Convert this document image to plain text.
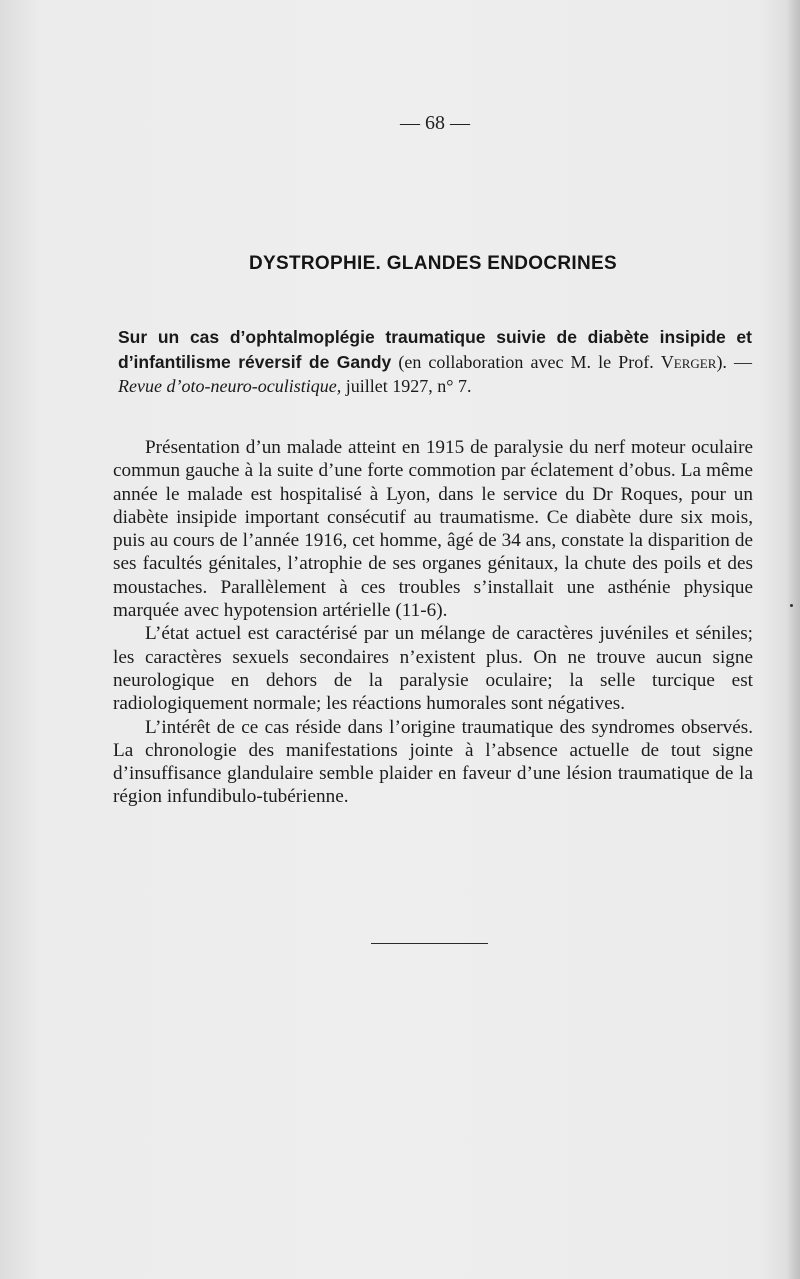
— 68 —
DYSTROPHIE. GLANDES ENDOCRINES
Sur un cas d’ophtalmoplégie traumatique suivie de diabète insipide et d’infantilisme réversif de Gandy (en collaboration avec M. le Prof. Verger). — Revue d’oto-neuro-oculistique, juillet 1927, n° 7.

Présentation d’un malade atteint en 1915 de paralysie du nerf moteur oculaire commun gauche à la suite d’une forte commotion par éclatement d’obus. La même année le malade est hospitalisé à Lyon, dans le service du Dr Roques, pour un diabète insipide important consécutif au traumatisme. Ce diabète dure six mois, puis au cours de l’année 1916, cet homme, âgé de 34 ans, constate la disparition de ses facultés génitales, l’atrophie de ses organes génitaux, la chute des poils et des moustaches. Parallèlement à ces troubles s’installait une asthénie physique marquée avec hypotension artérielle (11-6).

L’état actuel est caractérisé par un mélange de caractères juvéniles et séniles; les caractères sexuels secondaires n’existent plus. On ne trouve aucun signe neurologique en dehors de la paralysie oculaire; la selle turcique est radiologiquement normale; les réactions humorales sont négatives.

L’intérêt de ce cas réside dans l’origine traumatique des syndromes observés. La chronologie des manifestations jointe à l’absence actuelle de tout signe d’insuffisance glandulaire semble plaider en faveur d’une lésion traumatique de la région infundibulo-tubérienne.
